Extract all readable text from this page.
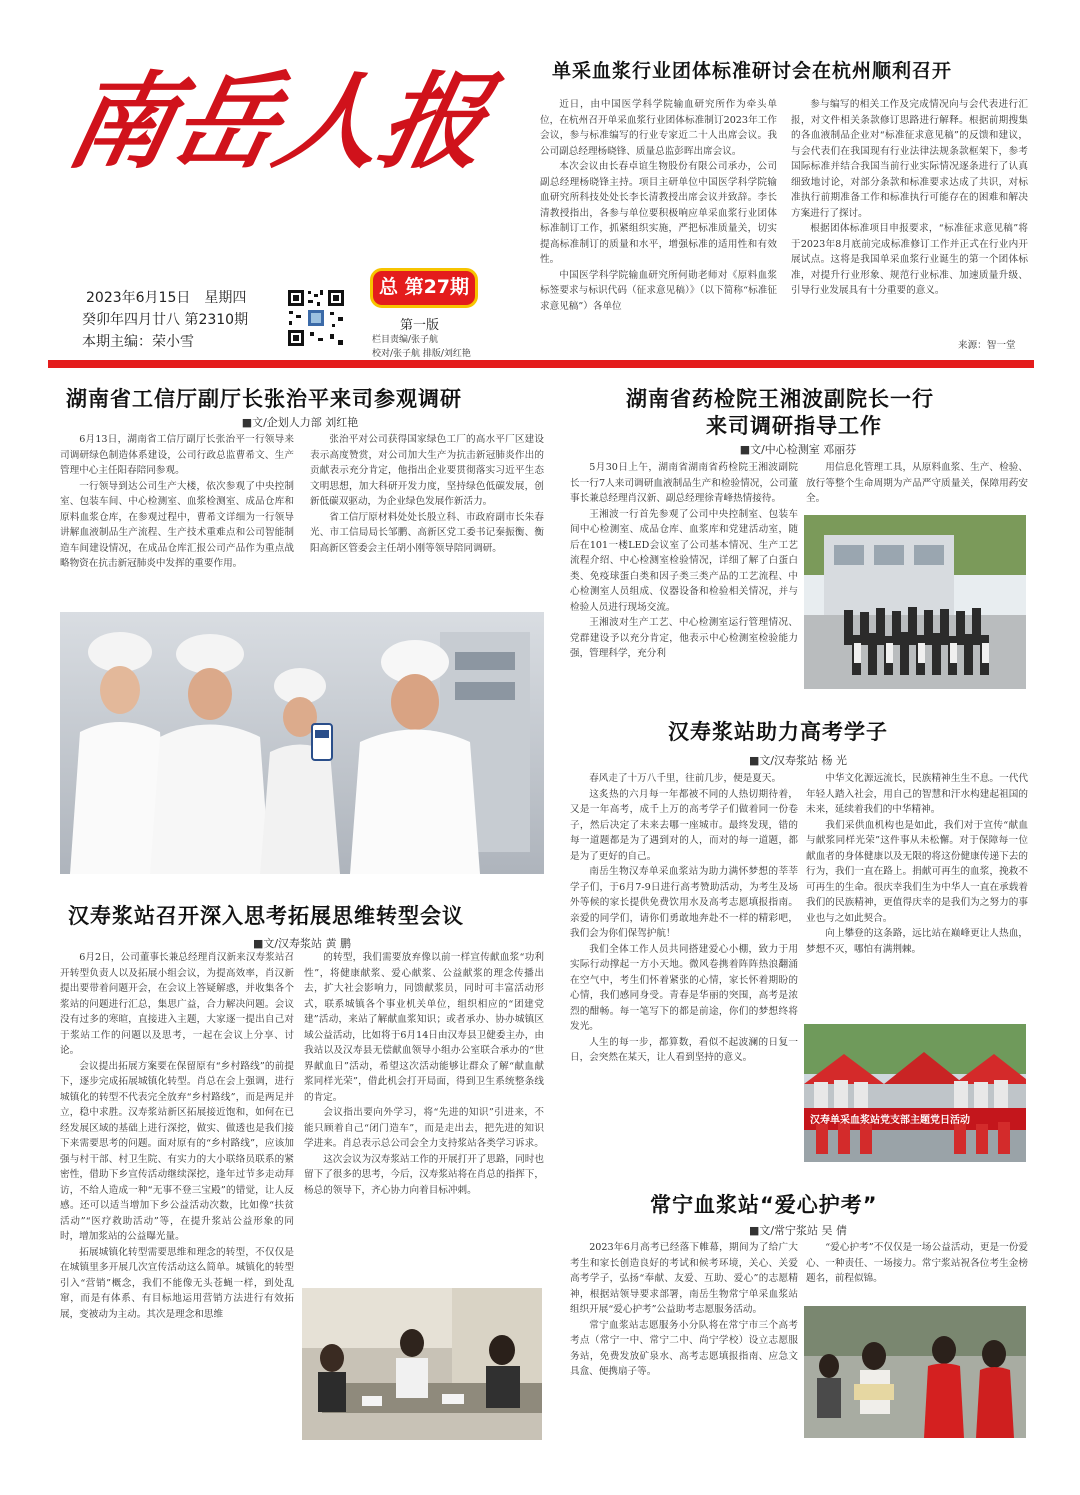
南岳人报
2023年6月15日　星期四
癸卯年四月廿八 第2310期
本期主编：荣小雪
总 第27期
第一版
栏目责编/张子航
校对/张子航 排版/刘红艳
单采血浆行业团体标准研讨会在杭州顺利召开

近日，由中国医学科学院输血研究所作为牵头单位，在杭州召开单采血浆行业团体标准制订2023年工作会议，参与标准编写的行业专家近二十人出席会议。我公司副总经理杨晓锋、质量总监彭晖出席会议。

本次会议由长春卓谊生物股份有限公司承办，公司副总经理杨晓锋主持。项目主研单位中国医学科学院输血研究所科技处处长李长清教授出席会议并致辞。李长清教授指出，各参与单位要积极响应单采血浆行业团体标准制订工作，抓紧组织实施，严把标准质量关，切实提高标准制订的质量和水平，增强标准的适用性和有效性。

中国医学科学院输血研究所何勋老师对《原料血浆标签要求与标识代码（征求意见稿）》（以下简称“标准征求意见稿”）各单位

参与编写的相关工作及完成情况向与会代表进行汇报，对文件相关条款修订思路进行解释。根据前期搜集的各血液制品企业对“标准征求意见稿”的反馈和建议，与会代表们在我国现有行业法律法规条款框架下，参考国际标准并结合我国当前行业实际情况逐条进行了认真细致地讨论，对部分条款和标准要求达成了共识，对标准执行前期准备工作和标准执行可能存在的困难和解决方案进行了探讨。

根据团体标准项目申报要求，“标准征求意见稿”将于2023年8月底前完成标准修订工作并正式在行业内开展试点。这将是我国单采血浆行业诞生的第一个团体标准，对提升行业形象、规范行业标准、加速质量升级、引导行业发展具有十分重要的意义。

来源：智一堂
湖南省工信厅副厅长张治平来司参观调研
■文/企划人力部 刘红艳

6月13日，湖南省工信厅副厅长张治平一行领导来司调研绿色制造体系建设，公司行政总监曹希文、生产管理中心主任阳春陪同参观。

一行领导到达公司生产大楼，依次参观了中央控制室、包装车间、中心检测室、血浆检测室、成品仓库和原料血浆仓库，在参观过程中，曹希文详细为一行领导讲解血液制品生产流程、生产技术重难点和公司智能制造车间建设情况，在成品仓库汇报公司产品作为重点战略物资在抗击新冠肺炎中发挥的重要作用。

张治平对公司获得国家绿色工厂的高水平厂区建设表示高度赞赏，对公司加大生产为抗击新冠肺炎作出的贡献表示充分肯定，他指出企业要贯彻落实习近平生态文明思想，加大科研开发力度，坚持绿色低碳发展，创新低碳双驱动，为企业绿色发展作新活力。

省工信厅原材料处处长殷立科、市政府副市长朱春光、市工信局局长邹鹏、高新区党工委书记秦振衡、衡阳高新区管委会主任胡小刚等领导陪同调研。

湖南省药检院王湘波副院长一行
来司调研指导工作
■文/中心检测室 邓丽芬

5月30日上午，湖南省湖南省药检院王湘波副院长一行7人来司调研血液制品生产和检验情况，公司董事长兼总经理肖汉新、副总经理徐青峰热情接待。

王湘波一行首先参观了公司中央控制室、包装车间中心检测室、成品仓库、血浆库和党建活动室，随后在101一楼LED会议室了公司基本情况、生产工艺流程介绍、中心检测室检验情况，详细了解了白蛋白类、免疫球蛋白类和因子类三类产品的工艺流程、中心检测室人员组成、仪器设备和检验相关情况，并与检验人员进行现场交流。

王湘波对生产工艺、中心检测室运行管理情况、党群建设予以充分肯定，他表示中心检测室检验能力强，管理科学，充分利

用信息化管理工具，从原料血浆、生产、检验、放行等整个生命周期为产品严守质量关，保障用药安全。

汉寿浆站助力高考学子
■文/汉寿浆站 杨 光

春风走了十万八千里，往前几步，便是夏天。

这炙热的六月每一年都被不同的人热切期待着，又是一年高考，成千上万的高考学子们做着同一份卷子，然后决定了未来去哪一座城市。最终发现，错的每一道题都是为了遇到对的人，而对的每一道题，都是为了更好的自己。

南岳生物汉寿单采血浆站为助力满怀梦想的莘莘学子们，于6月7-9日进行高考赞助活动，为考生及场外等候的家长提供免费饮用水及高考志愿填报指南。亲爱的同学们，请你们勇敢地奔赴不一样的精彩吧，我们会为你们保驾护航！

我们全体工作人员共同搭建爱心小棚，致力于用实际行动撑起一方小天地。微风卷携着阵阵热浪翻涌在空气中，考生们怀着紧张的心情，家长怀着期盼的心情，我们感同身受。青春是华丽的突围，高考是浓烈的酣畅。每一笔写下的都是前途，你们的梦想终将发光。

人生的每一步，都算数，看似不起波澜的日复一日，会突然在某天，让人看到坚持的意义。

中华文化源远流长，民族精神生生不息。一代代年轻人踏入社会，用自己的智慧和汗水构建起祖国的未来，延续着我们的中华精神。

我们采供血机构也是如此，我们对于宣传“献血与献浆同样光荣”这件事从未松懈。对于保障每一位献血者的身体健康以及无限的将这份健康传递下去的行为，我们一直在路上。捐献可再生的血浆，挽救不可再生的生命。很庆幸我们生为中华人一直在承载着我们的民族精神，更值得庆幸的是我们为之努力的事业也与之如此契合。

向上攀登的这条路，远比站在巅峰更让人热血，梦想不灭，哪怕有满荆棘。

汉寿单采血浆站党支部主题党日活动
汉寿浆站召开深入思考拓展思维转型会议
■文/汉寿浆站 黄 鹏

6月2日，公司董事长兼总经理肖汉新来汉寿浆站召开转型负责人以及拓展小组会议，为提高效率，肖汉新提出要带着问题开会，在会议上答疑解惑，并收集各个浆站的问题进行汇总，集思广益，合力解决问题。会议没有过多的寒暄，直接进入主题，大家逐一提出自己对于浆站工作的问题以及思考，一起在会议上分享、讨论。

会议提出拓展方案要在保留原有“乡村路线”的前提下，逐步完成拓展城镇化转型。肖总在会上强调，进行城镇化的转型不代表完全放弃“乡村路线”，而是两足并立，稳中求胜。汉寿浆站新区拓展接近饱和，如何在已经发展区域的基础上进行深挖，做实、做透也是我们接下来需要思考的问题。面对原有的“乡村路线”，应该加强与村干部、村卫生院、有实力的大小联络员联系的紧密性，借助下乡宣传活动继续深挖，逢年过节多走动拜访，不给人造成一种“无事不登三宝殿”的错觉，让人反感。还可以适当增加下乡公益活动次数，比如像“扶贫活动”“医疗救助活动”等，在提升浆站公益形象的同时，增加浆站的公益曝光量。

拓展城镇化转型需要思维和理念的转型，不仅仅是在城镇里多开展几次宣传活动这么简单。城镇化的转型引入“营销”概念，我们不能像无头苍蝇一样，到处乱窜，而是有体系、有目标地运用营销方法进行有效拓展，变被动为主动。其次是理念和思维

的转型，我们需要放弃像以前一样宣传献血浆“功利性”，将健康献浆、爱心献浆、公益献浆的理念传播出去，扩大社会影响力，同馈献浆员，同时可丰富活动形式，联系城镇各个事业机关单位，组织相应的“团建党建”活动，来站了解献血浆知识；或者承办、协办城镇区域公益活动，比如将于6月14日由汉寿县卫健委主办，由我站以及汉寿县无偿献血领导小组办公室联合承办的“世界献血日”活动，希望这次活动能够让群众了解“献血献浆同样光荣”，借此机会打开局面，得到卫生系统整条线的肯定。

会议指出要向外学习，将“先进的知识”引进来，不能只顾着自己“闭门造车”，而是走出去，把先进的知识学进来。肖总表示总公司会全力支持浆站各类学习诉求。

这次会议为汉寿浆站工作的开展打开了思路，同时也留下了很多的思考，今后，汉寿浆站将在肖总的指挥下，杨总的领导下，齐心协力向着目标冲刺。

常宁血浆站“爱心护考”
■文/常宁浆站 吴 倩

2023年6月高考已经落下帷幕，期间为了给广大考生和家长创造良好的考试和候考环境，关心、关爱高考学子，弘扬“奉献、友爱、互助、爱心”的志愿精神，根据站领导要求部署，南岳生物常宁单采血浆站组织开展“爱心护考”公益助考志愿服务活动。

常宁血浆站志愿服务小分队将在常宁市三个高考考点（常宁一中、常宁二中、尚宁学校）设立志愿服务站，免费发放矿泉水、高考志愿填报指南、应急文具盒、便携扇子等。

“爱心护考”不仅仅是一场公益活动，更是一份爱心、一种责任、一场接力。常宁浆站祝各位考生金榜题名，前程似锦。
